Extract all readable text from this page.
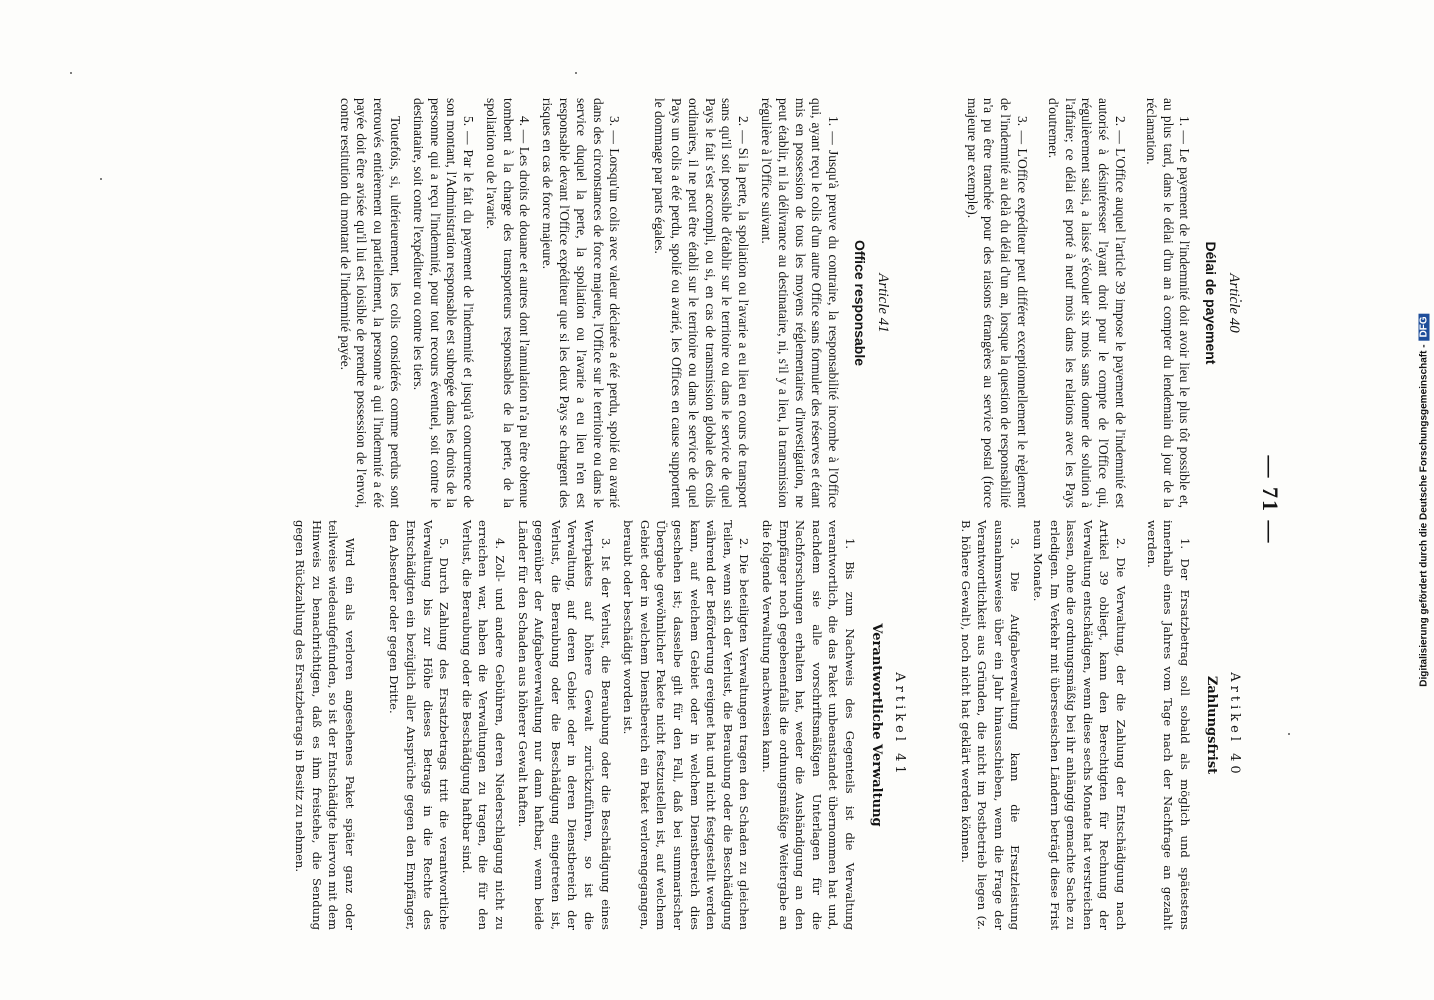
— 71 —
Article 40
Délai de payement

1. — Le payement de l'indemnité doit avoir lieu le plus tôt possible et, au plus tard, dans le délai d'un an à compter du lendemain du jour de la réclamation.

2. — L'Office auquel l'article 39 impose le payement de l'indemnité est autorisé à désintéresser l'ayant droit pour le compte de l'Office qui, régulièrement saisi, a laissé s'écouler six mois sans donner de solution à l'affaire; ce délai est porté à neuf mois dans les relations avec les Pays d'outremer.

3. — L'Office expéditeur peut différer exceptionnellement le règlement de l'indemnité au delà du délai d'un an, lorsque la question de responsabilité n'a pu être tranchée pour des raisons étrangères au service postal (force majeure par exemple).

Article 41
Office responsable

1. — Jusqu'à preuve du contraire, la responsabilité incombe à l'Office qui, ayant reçu le colis d'un autre Office sans formuler des réserves et étant mis en possession de tous les moyens réglementaires d'investigation, ne peut établir, ni la délivrance au destinataire, ni, s'il y a lieu, la transmission régulière à l'Office suivant.

2. — Si la perte, la spoliation ou l'avarie a eu lieu en cours de transport sans qu'il soit possible d'établir sur le territoire ou dans le service de quel Pays le fait s'est accompli, ou si, en cas de transmission globale des colis ordinaires, il ne peut être établi sur le territoire ou dans le service de quel Pays un colis a été perdu, spolié ou avarié, les Offices en cause supportent le dommage par parts égales.

3. — Lorsqu'un colis avec valeur déclarée a été perdu, spolié ou avarié dans des circonstances de force majeure, l'Office sur le territoire ou dans le service duquel la perte, la spoliation ou l'avarie a eu lieu n'en est responsable devant l'Office expéditeur que si les deux Pays se chargent des risques en cas de force majeure.

4. — Les droits de douane et autres dont l'annulation n'a pu être obtenue tombent à la charge des transporteurs responsables de la perte, de la spoliation ou de l'avarie.

5. — Par le fait du payement de l'indemnité et jusqu'à concurrence de son montant, l'Administration responsable est subrogée dans les droits de la personne qui a reçu l'indemnité, pour tout recours éventuel, soit contre le destinataire, soit contre l'expéditeur ou contre les tiers.

Toutefois, si, ultérieurement, les colis considérés comme perdus sont retrouvés entièrement ou partiellement, la personne à qui l'indemnité a été payée doit être avisée qu'il lui est loisible de prendre possession de l'envoi, contre restitution du montant de l'indemnité payée.

Artikel 40
Zahlungsfrist

1. Der Ersatzbetrag soll sobald als möglich und spätestens innerhalb eines Jahres vom Tage nach der Nachfrage an gezahlt werden.

2. Die Verwaltung, der die Zahlung der Entschädigung nach Artikel 39 obliegt, kann den Berechtigten für Rechnung der Verwaltung entschädigen, wenn diese sechs Monate hat verstreichen lassen, ohne die ordnungsmäßig bei ihr anhängig gemachte Sache zu erledigen. Im Verkehr mit überseeischen Ländern beträgt diese Frist neun Monate.

3. Die Aufgabeverwaltung kann die Ersatzleistung ausnahmsweise über ein Jahr hinausschieben, wenn die Frage der Verantwortlichkeit aus Gründen, die nicht im Postbetrieb liegen (z. B. höhere Gewalt), noch nicht hat geklärt werden können.

Artikel 41
Verantwortliche Verwaltung

1. Bis zum Nachweis des Gegenteils ist die Verwaltung verantwortlich, die das Paket unbeanstandet übernommen hat und, nachdem sie alle vorschriftsmäßigen Unterlagen für die Nachforschungen erhalten hat, weder die Aushändigung an den Empfänger noch gegebenenfalls die ordnungsmäßige Weitergabe an die folgende Verwaltung nachweisen kann.

2. Die beteiligten Verwaltungen tragen den Schaden zu gleichen Teilen, wenn sich der Verlust, die Beraubung oder die Beschädigung während der Beförderung ereignet hat und nicht festgestellt werden kann, auf welchem Gebiet oder in welchem Dienstbereich dies geschehen ist; dasselbe gilt für den Fall, daß bei summarischer Übergabe gewöhnlicher Pakete nicht festzustellen ist, auf welchem Gebiet oder in welchem Dienstbereich ein Paket verlorengegangen, beraubt oder beschädigt worden ist.

3. Ist der Verlust, die Beraubung oder die Beschädigung eines Wertpakets auf höhere Gewalt zurückzuführen, so ist die Verwaltung, auf deren Gebiet oder in deren Dienstbereich der Verlust, die Beraubung oder die Beschädigung eingetreten ist, gegenüber der Aufgabeverwaltung nur dann haftbar, wenn beide Länder für den Schaden aus höherer Gewalt haften.

4. Zoll- und andere Gebühren, deren Niederschlagung nicht zu erreichen war, haben die Verwaltungen zu tragen, die für den Verlust, die Beraubung oder die Beschädigung haftbar sind.

5. Durch Zahlung des Ersatzbetrags tritt die verantwortliche Verwaltung bis zur Höhe dieses Betrags in die Rechte des Entschädigten ein bezüglich aller Ansprüche gegen den Empfänger, den Absender oder gegen Dritte.

Wird ein als verloren angesehenes Paket später ganz oder teilweise wiedeaufgefunden, so ist der Entschädigte hiervon mit dem Hinweis zu benachrichtigen, daß es ihm freistehe, die Sendung gegen Rückzahlung des Ersatzbetrags in Besitz zu nehmen.

Digitalisierung gefördert durch die Deutsche Forschungsgemeinschaft -DFG
